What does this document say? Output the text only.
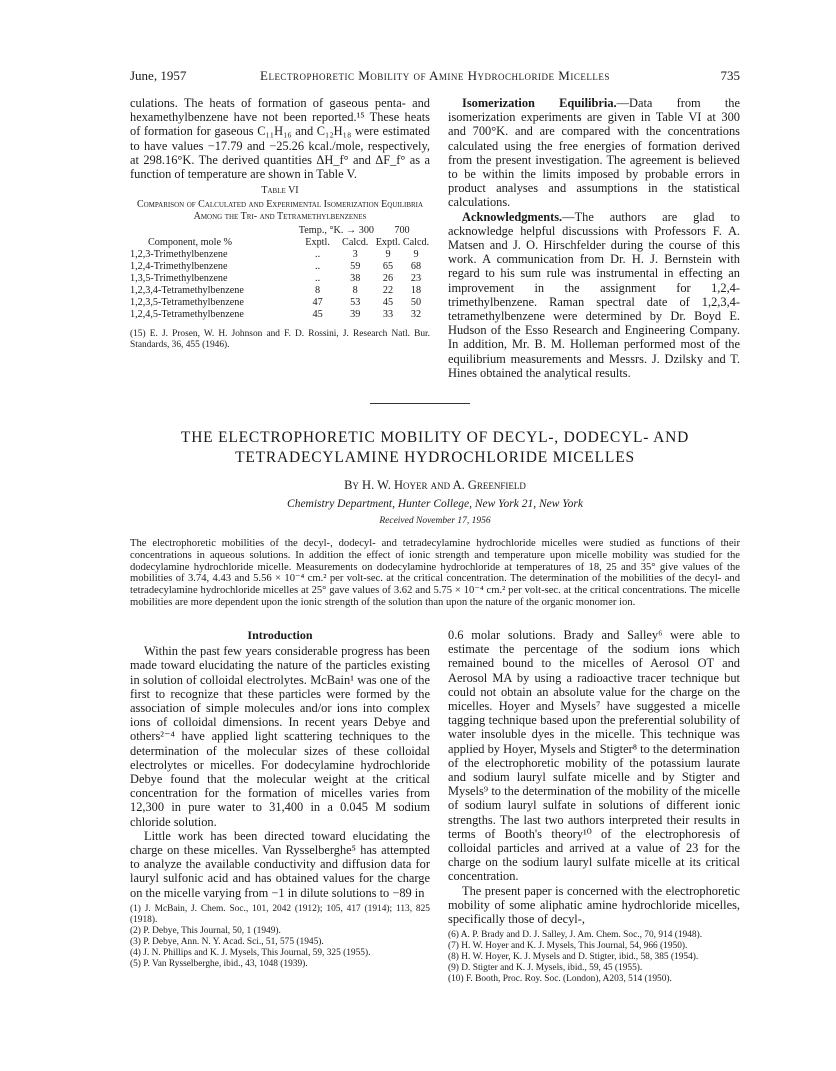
June, 1957	Electrophoretic Mobility of Amine Hydrochloride Micelles	735

culations. The heats of formation of gaseous penta- and hexamethylbenzene have not been reported.¹⁵ These heats of formation for gaseous C₁₁H₁₆ and C₁₂H₁₈ were estimated to have values −17.79 and −25.26 kcal./mole, respectively, at 298.16°K. The derived quantities ΔH_f° and ΔF_f° as a function of temperature are shown in Table V.

Table VI
Comparison of Calculated and Experimental Isomerization Equilibria Among the Tri- and Tetramethylbenzenes
	Temp., °K. → 300		700	
Component, mole %	Exptl.	Calcd.	Exptl.	Calcd.
1,2,3-Trimethylbenzene	..	3	9	9
1,2,4-Trimethylbenzene	..	59	65	68
1,3,5-Trimethylbenzene	..	38	26	23
1,2,3,4-Tetramethylbenzene	8	8	22	18
1,2,3,5-Tetramethylbenzene	47	53	45	50
1,2,4,5-Tetramethylbenzene	45	39	33	32

(15) E. J. Prosen, W. H. Johnson and F. D. Rossini, J. Research Natl. Bur. Standards, 36, 455 (1946).

Isomerization Equilibria.—Data from the isomerization experiments are given in Table VI at 300 and 700°K. and are compared with the concentrations calculated using the free energies of formation derived from the present investigation. The agreement is believed to be within the limits imposed by probable errors in product analyses and assumptions in the statistical calculations.

Acknowledgments.—The authors are glad to acknowledge helpful discussions with Professors F. A. Matsen and J. O. Hirschfelder during the course of this work. A communication from Dr. H. J. Bernstein with regard to his sum rule was instrumental in effecting an improvement in the assignment for 1,2,4-trimethylbenzene. Raman spectral date of 1,2,3,4-tetramethylbenzene were determined by Dr. Boyd E. Hudson of the Esso Research and Engineering Company. In addition, Mr. B. M. Holleman performed most of the equilibrium measurements and Messrs. J. Dzilsky and T. Hines obtained the analytical results.

THE ELECTROPHORETIC MOBILITY OF DECYL-, DODECYL- AND
TETRADECYLAMINE HYDROCHLORIDE MICELLES
By H. W. Hoyer and A. Greenfield
Chemistry Department, Hunter College, New York 21, New York
Received November 17, 1956
The electrophoretic mobilities of the decyl-, dodecyl- and tetradecylamine hydrochloride micelles were studied as functions of their concentrations in aqueous solutions. In addition the effect of ionic strength and temperature upon micelle mobility was studied for the dodecylamine hydrochloride micelle. Measurements on dodecylamine hydrochloride at temperatures of 18, 25 and 35° give values of the mobilities of 3.74, 4.43 and 5.56 × 10⁻⁴ cm.² per volt-sec. at the critical concentration. The determination of the mobilities of the decyl- and tetradecylamine hydrochloride micelles at 25° gave values of 3.62 and 5.75 × 10⁻⁴ cm.² per volt-sec. at the critical concentrations. The micelle mobilities are more dependent upon the ionic strength of the solution than upon the nature of the organic monomer ion.
Introduction

Within the past few years considerable progress has been made toward elucidating the nature of the particles existing in solution of colloidal electrolytes. McBain¹ was one of the first to recognize that these particles were formed by the association of simple molecules and/or ions into complex ions of colloidal dimensions. In recent years Debye and others²⁻⁴ have applied light scattering techniques to the determination of the molecular sizes of these colloidal electrolytes or micelles. For dodecylamine hydrochloride Debye found that the molecular weight at the critical concentration for the formation of micelles varies from 12,300 in pure water to 31,400 in a 0.045 M sodium chloride solution.

Little work has been directed toward elucidating the charge on these micelles. Van Rysselberghe⁵ has attempted to analyze the available conductivity and diffusion data for lauryl sulfonic acid and has obtained values for the charge on the micelle varying from −1 in dilute solutions to −89 in

(1) J. McBain, J. Chem. Soc., 101, 2042 (1912); 105, 417 (1914); 113, 825 (1918).
(2) P. Debye, This Journal, 50, 1 (1949).
(3) P. Debye, Ann. N. Y. Acad. Sci., 51, 575 (1945).
(4) J. N. Phillips and K. J. Mysels, This Journal, 59, 325 (1955).
(5) P. Van Rysselberghe, ibid., 43, 1048 (1939).

0.6 molar solutions. Brady and Salley⁶ were able to estimate the percentage of the sodium ions which remained bound to the micelles of Aerosol OT and Aerosol MA by using a radioactive tracer technique but could not obtain an absolute value for the charge on the micelles. Hoyer and Mysels⁷ have suggested a micelle tagging technique based upon the preferential solubility of water insoluble dyes in the micelle. This technique was applied by Hoyer, Mysels and Stigter⁸ to the determination of the electrophoretic mobility of the potassium laurate and sodium lauryl sulfate micelle and by Stigter and Mysels⁹ to the determination of the mobility of the micelle of sodium lauryl sulfate in solutions of different ionic strengths. The last two authors interpreted their results in terms of Booth's theory¹⁰ of the electrophoresis of colloidal particles and arrived at a value of 23 for the charge on the sodium lauryl sulfate micelle at its critical concentration.

The present paper is concerned with the electrophoretic mobility of some aliphatic amine hydrochloride micelles, specifically those of decyl-,

(6) A. P. Brady and D. J. Salley, J. Am. Chem. Soc., 70, 914 (1948).
(7) H. W. Hoyer and K. J. Mysels, This Journal, 54, 966 (1950).
(8) H. W. Hoyer, K. J. Mysels and D. Stigter, ibid., 58, 385 (1954).
(9) D. Stigter and K. J. Mysels, ibid., 59, 45 (1955).
(10) F. Booth, Proc. Roy. Soc. (London), A203, 514 (1950).
